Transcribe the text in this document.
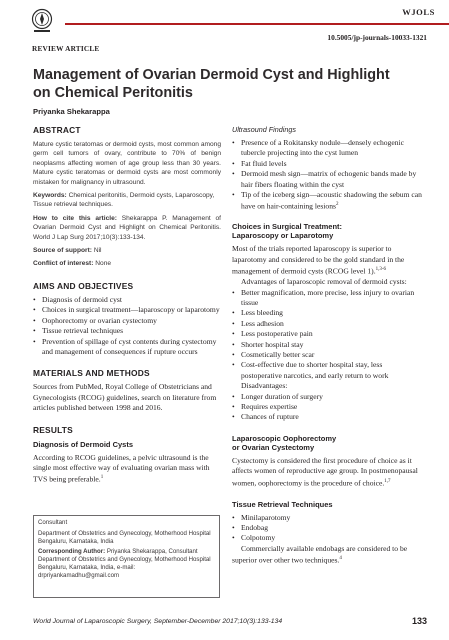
WJOLS
10.5005/jp-journals-10033-1321
REVIEW ARTICLE
Management of Ovarian Dermoid Cyst and Highlight
on Chemical Peritonitis
Priyanka Shekarappa
ABSTRACT
Mature cystic teratomas or dermoid cysts, most common among germ cell tumors of ovary, contribute to 70% of benign neoplasms affecting women of age group less than 30 years. Mature cystic teratomas or dermoid cysts are most commonly mistaken for malignancy in ultrasound.
Keywords: Chemical peritonitis, Dermoid cysts, Laparoscopy, Tissue retrieval techniques.
How to cite this article: Shekarappa P. Management of Ovarian Dermoid Cyst and Highlight on Chemical Peritonitis. World J Lap Surg 2017;10(3):133-134.
Source of support: Nil
Conflict of interest: None
AIMS AND OBJECTIVES
• Diagnosis of dermoid cyst
• Choices in surgical treatment—laparoscopy or laparotomy
• Oophorectomy or ovarian cystectomy
• Tissue retrieval techniques
• Prevention of spillage of cyst contents during cystectomy and management of consequences if rupture occurs
MATERIALS AND METHODS
Sources from PubMed, Royal College of Obstetricians and Gynecologists (RCOG) guidelines, search on literature from articles published between 1998 and 2016.
RESULTS
Diagnosis of Dermoid Cysts
According to RCOG guidelines, a pelvic ultrasound is the single most effective way of evaluating ovarian mass with TVS being preferable.$^1$
Consultant
Department of Obstetrics and Gynecology, Motherhood Hospital Bengaluru, Karnataka, India
Corresponding Author: Priyanka Shekarappa, Consultant Department of Obstetrics and Gynecology, Motherhood Hospital Bengaluru, Karnataka, India, e-mail: drpriyankamadhu@gmail.com
Ultrasound Findings
• Presence of a Rokitansky nodule—densely echogenic tubercle projecting into the cyst lumen
• Fat fluid levels
• Dermoid mesh sign—matrix of echogenic bands made by hair fibers floating within the cyst
• Tip of the iceberg sign—acoustic shadowing the sebum can have on hair-containing lesions$^2$
Choices in Surgical Treatment:
Laparoscopy or Laparotomy
Most of the trials reported laparoscopy is superior to laparotomy and considered to be the gold standard in the management of dermoid cysts (RCOG level 1).$^{1,3-6}$
Advantages of laparoscopic removal of dermoid cysts:
• Better magnification, more precise, less injury to ovarian tissue
• Less bleeding
• Less adhesion
• Less postoperative pain
• Shorter hospital stay
• Cosmetically better scar
• Cost-effective due to shorter hospital stay, less postoperative narcotics, and early return to work
Disadvantages:
• Longer duration of surgery
• Requires expertise
• Chances of rupture
Laparoscopic Oophorectomy
or Ovarian Cystectomy
Cystectomy is considered the first procedure of choice as it affects women of reproductive age group. In postmenopausal women, oophorectomy is the procedure of choice.$^{1,7}$
Tissue Retrieval Techniques
• Minilaparotomy
• Endobag
• Colpotomy
Commercially available endobags are considered to be superior over other two techniques.$^4$
World Journal of Laparoscopic Surgery, September-December 2017;10(3):133-134	133
